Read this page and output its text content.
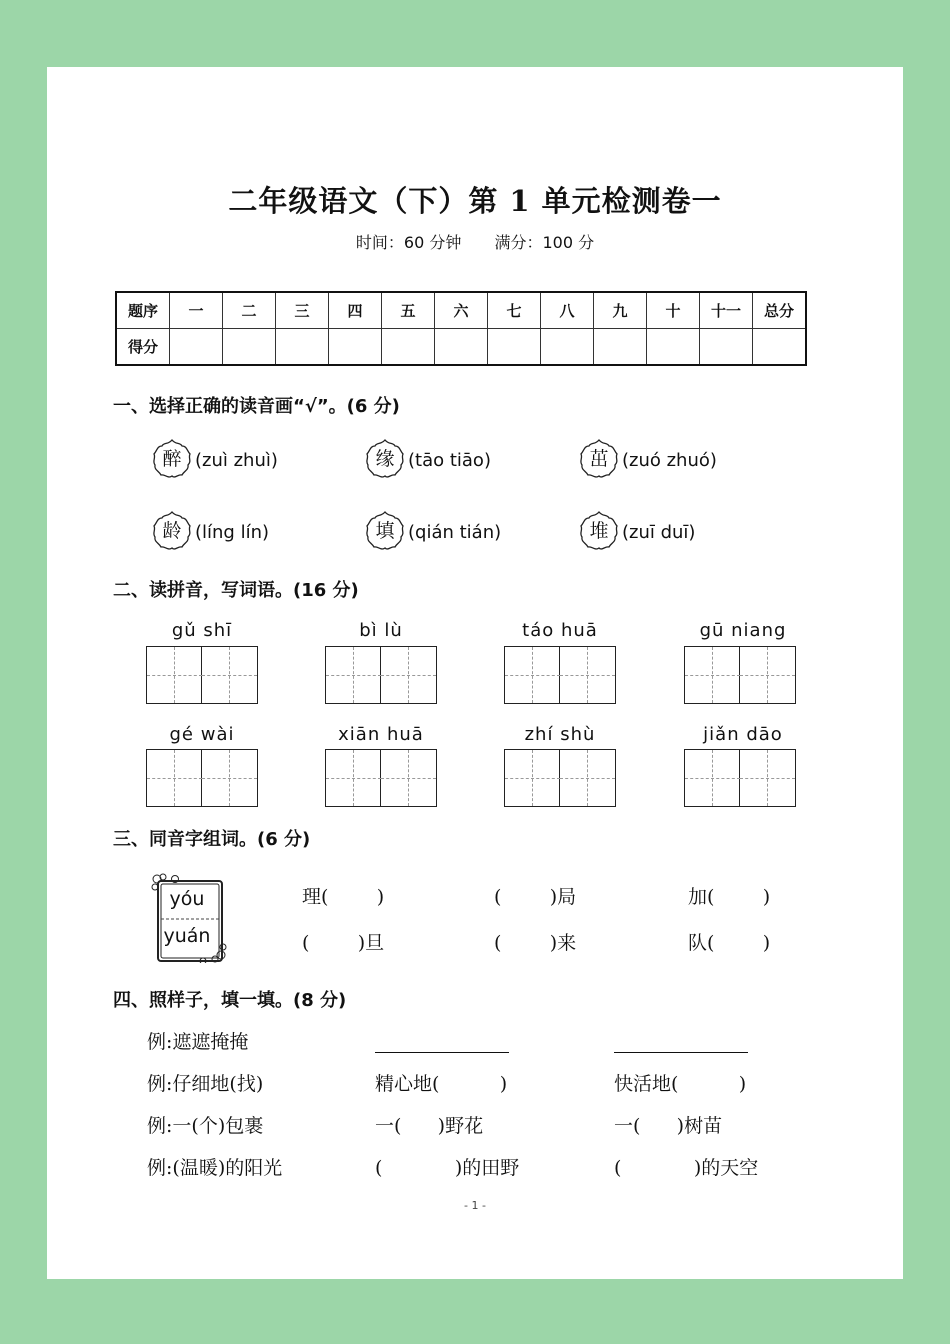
二年级语文（下）第 1 单元检测卷一
时间：60 分钟 满分：100 分
题序	一	二	三	四	五	六	七	八	九	十	十一	总分
得分												
一、选择正确的读音画“√”。(6 分)
醉 (zuì zhuì)	缘 (tāo tiāo)	茁 (zuó zhuó)
龄 (líng lín)	填 (qián tián)	堆 (zuī duī)
二、读拼音，写词语。(16 分)
gǔ shī	bì lù	táo huā	gū niang
gé wài	xiān huā	zhí shù	jiǎn dāo
三、同音字组词。(6 分)
yóu
yuán
理(        )	(        )局	加(        )
(        )旦	(        )来	队(        )
四、照样子，填一填。(8 分)
例:遮遮掩掩
例:仔细地(找)	精心地(          )	快活地(          )
例:一(个)包裹	一(      )野花	一(      )树苗
例:(温暖)的阳光	(            )的田野	(            )的天空
- 1 -
